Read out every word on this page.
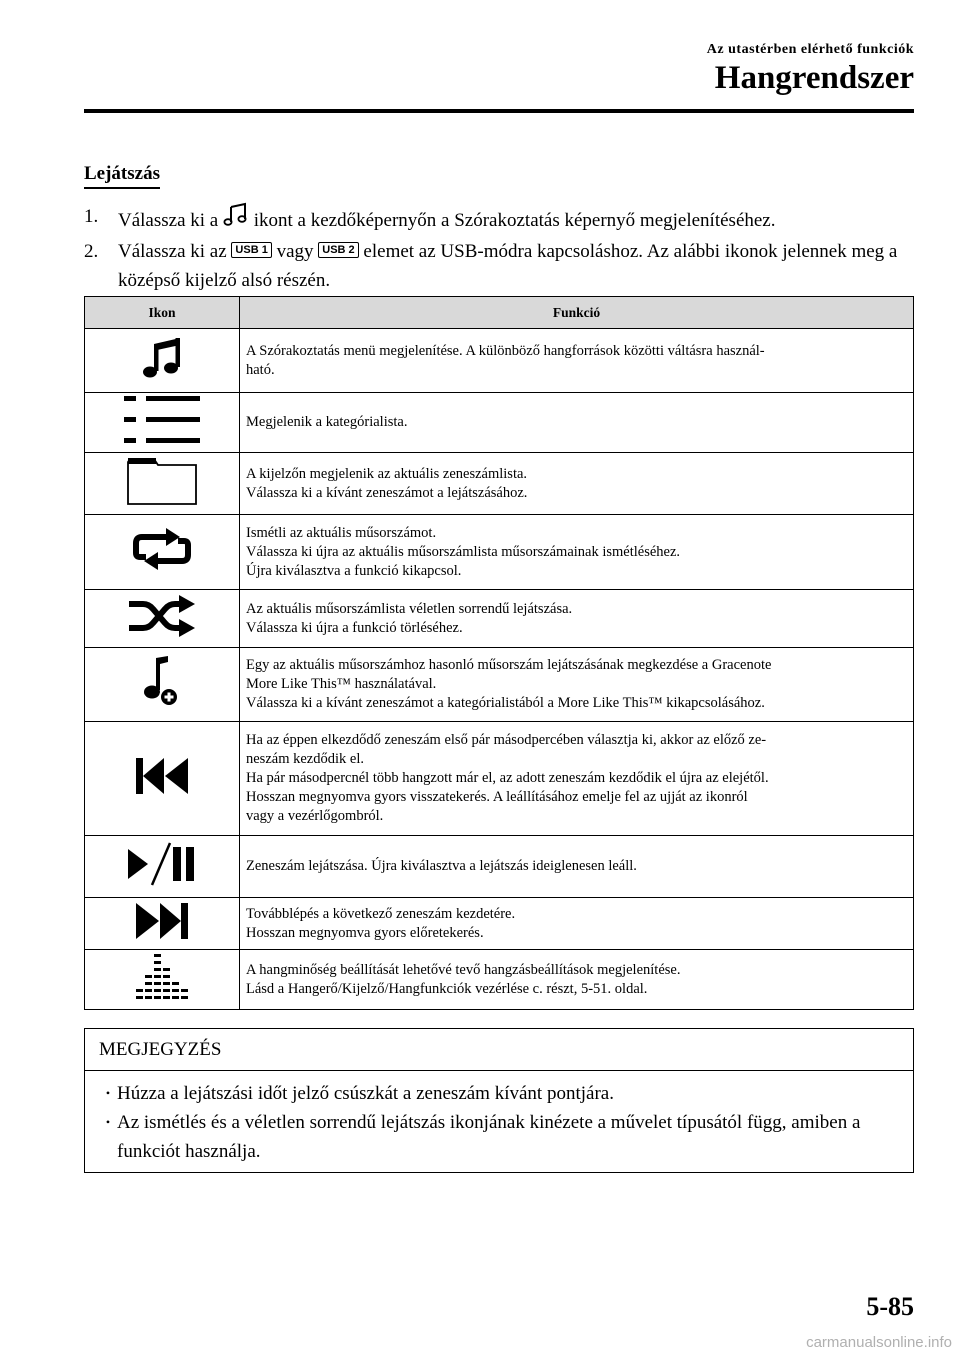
Az utastérben elérhető funkciók
Hangrendszer
Lejátszás
1.	Válassza ki a ikont a kezdőképernyőn a Szórakoztatás képernyő megjelenítéséhez.
2.	Válassza ki az USB 1 vagy USB 2 elemet az USB-módra kapcsoláshoz. Az alábbi ikonok jelennek meg a középső kijelző alsó részén.
Ikon	Funkció

A Szórakoztatás menü megjelenítése. A különböző hangforrások közötti váltásra használ-
ható.

Megjelenik a kategórialista.

A kijelzőn megjelenik az aktuális zeneszámlista.
Válassza ki a kívánt zeneszámot a lejátszásához.

Ismétli az aktuális műsorszámot.
Válassza ki újra az aktuális műsorszámlista műsorszámainak ismétléséhez.
Újra kiválasztva a funkció kikapcsol.

Az aktuális műsorszámlista véletlen sorrendű lejátszása.
Válassza ki újra a funkció törléséhez.

Egy az aktuális műsorszámhoz hasonló műsorszám lejátszásának megkezdése a Gracenote
More Like This™ használatával.
Válassza ki a kívánt zeneszámot a kategórialistából a More Like This™ kikapcsolásához.

Ha az éppen elkezdődő zeneszám első pár másodpercében választja ki, akkor az előző ze-
neszám kezdődik el.
Ha pár másodpercnél több hangzott már el, az adott zeneszám kezdődik el újra az elejétől.
Hosszan megnyomva gyors visszatekerés. A leállításához emelje fel az ujját az ikonról
vagy a vezérlőgombról.

Zeneszám lejátszása. Újra kiválasztva a lejátszás ideiglenesen leáll.

Továbblépés a következő zeneszám kezdetére.
Hosszan megnyomva gyors előretekerés.

A hangminőség beállítását lehetővé tevő hangzásbeállítások megjelenítése.
Lásd a Hangerő/Kijelző/Hangfunkciók vezérlése c. részt, 5-51. oldal.
MEGJEGYZÉS
• Húzza a lejátszási időt jelző csúszkát a zeneszám kívánt pontjára.
• Az ismétlés és a véletlen sorrendű lejátszás ikonjának kinézete a művelet típusától függ, amiben a funkciót használja.
5-85
carmanualsonline.info
